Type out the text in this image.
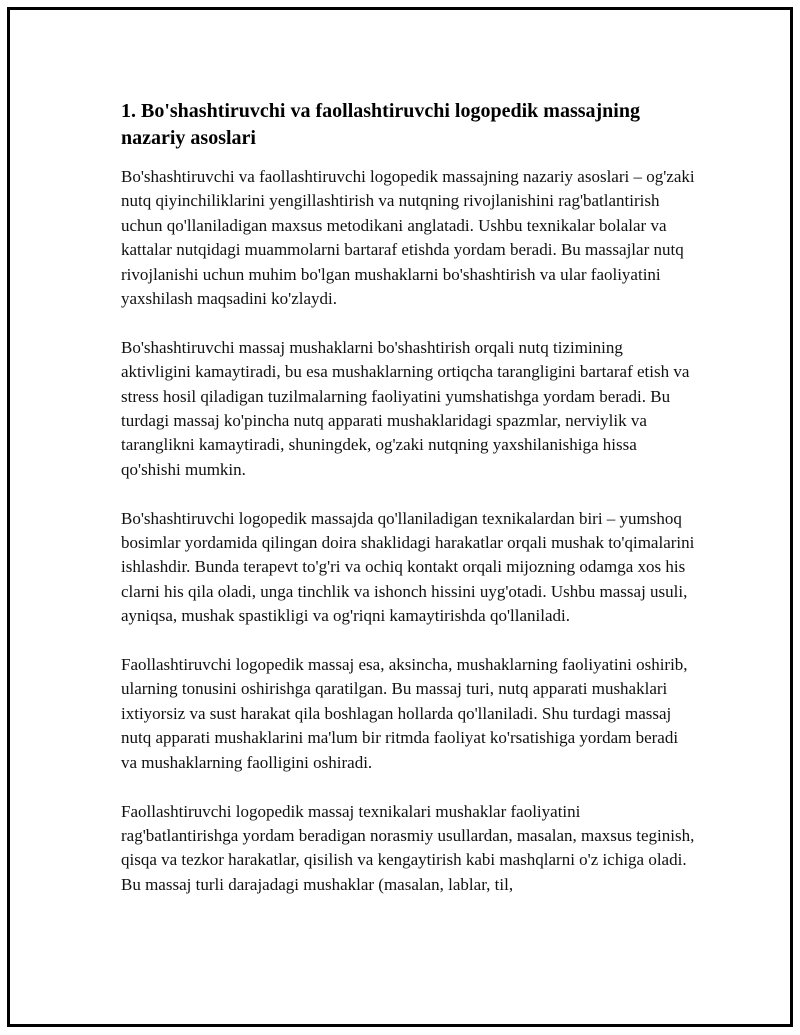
1. Bo'shashtiruvchi va faollashtiruvchi logopedik massajning nazariy asoslari

Bo'shashtiruvchi va faollashtiruvchi logopedik massajning nazariy asoslari – og'zaki nutq qiyinchiliklarini yengillashtirish va nutqning rivojlanishini rag'batlantirish uchun qo'llaniladigan maxsus metodikani anglatadi. Ushbu texnikalar bolalar va kattalar nutqidagi muammolarni bartaraf etishda yordam beradi. Bu massajlar nutq rivojlanishi uchun muhim bo'lgan mushaklarni bo'shashtirish va ular faoliyatini yaxshilash maqsadini ko'zlaydi.

Bo'shashtiruvchi massaj mushaklarni bo'shashtirish orqali nutq tizimining aktivligini kamaytiradi, bu esa mushaklarning ortiqcha tarangligini bartaraf etish va stress hosil qiladigan tuzilmalarning faoliyatini yumshatishga yordam beradi. Bu turdagi massaj ko'pincha nutq apparati mushaklaridagi spazmlar, nerviylik va taranglikni kamaytiradi, shuningdek, og'zaki nutqning yaxshilanishiga hissa qo'shishi mumkin.

Bo'shashtiruvchi logopedik massajda qo'llaniladigan texnikalardan biri – yumshoq bosimlar yordamida qilingan doira shaklidagi harakatlar orqali mushak to'qimalarini ishlashdir. Bunda terapevt to'g'ri va ochiq kontakt orqali mijozning odamga xos his clarni his qila oladi, unga tinchlik va ishonch hissini uyg'otadi. Ushbu massaj usuli, ayniqsa, mushak spastikligi va og'riqni kamaytirishda qo'llaniladi.

Faollashtiruvchi logopedik massaj esa, aksincha, mushaklarning faoliyatini oshirib, ularning tonusini oshirishga qaratilgan. Bu massaj turi, nutq apparati mushaklari ixtiyorsiz va sust harakat qila boshlagan hollarda qo'llaniladi. Shu turdagi massaj nutq apparati mushaklarini ma'lum bir ritmda faoliyat ko'rsatishiga yordam beradi va mushaklarning faolligini oshiradi.

Faollashtiruvchi logopedik massaj texnikalari mushaklar faoliyatini rag'batlantirishga yordam beradigan norasmiy usullardan, masalan, maxsus teginish, qisqa va tezkor harakatlar, qisilish va kengaytirish kabi mashqlarni o'z ichiga oladi. Bu massaj turli darajadagi mushaklar (masalan, lablar, til,
